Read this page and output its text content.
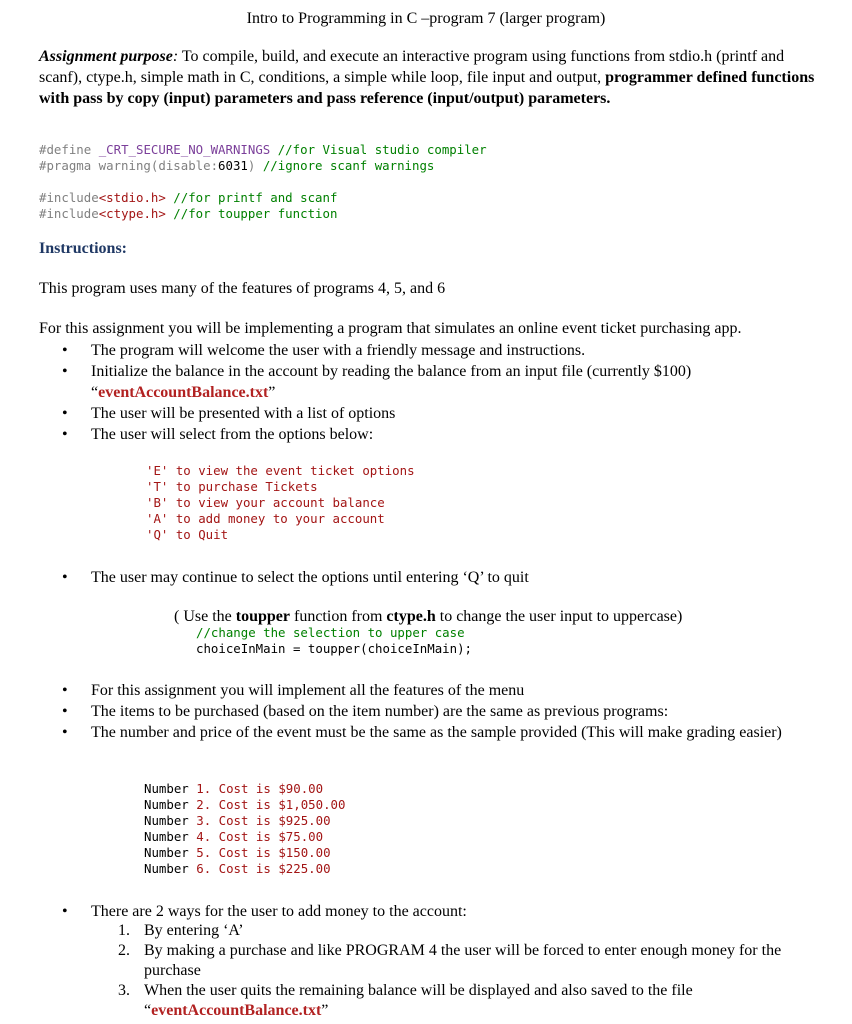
Intro to Programming in C –program 7 (larger program)
Assignment purpose: To compile, build, and execute an interactive program using functions from stdio.h (printf and scanf), ctype.h, simple math in C, conditions, a simple while loop, file input and output, programmer defined functions with pass by copy (input) parameters and pass reference (input/output) parameters.
#define _CRT_SECURE_NO_WARNINGS //for Visual studio compiler
#pragma warning(disable:6031) //ignore scanf warnings
#include<stdio.h> //for printf and scanf
#include<ctype.h> //for toupper function
Instructions:
This program uses many of the features of programs 4, 5, and 6
For this assignment you will be implementing a program that simulates an online event ticket purchasing app.
• The program will welcome the user with a friendly message and instructions.
• Initialize the balance in the account by reading the balance from an input file (currently $100)
“eventAccountBalance.txt”
• The user will be presented with a list of options
• The user will select from the options below:
'E' to view the event ticket options
'T' to purchase Tickets
'B' to view your account balance
'A' to add money to your account
'Q' to Quit
• The user may continue to select the options until entering ‘Q’ to quit
( Use the toupper function from ctype.h to change the user input to uppercase)
//change the selection to upper case
choiceInMain = toupper(choiceInMain);
• For this assignment you will implement all the features of the menu
• The items to be purchased (based on the item number) are the same as previous programs:
• The number and price of the event must be the same as the sample provided (This will make grading easier)
Number 1. Cost is $90.00
Number 2. Cost is $1,050.00
Number 3. Cost is $925.00
Number 4. Cost is $75.00
Number 5. Cost is $150.00
Number 6. Cost is $225.00
• There are 2 ways for the user to add money to the account:
1. By entering ‘A’
2. By making a purchase and like PROGRAM 4 the user will be forced to enter enough money for the purchase
3. When the user quits the remaining balance will be displayed and also saved to the file
“eventAccountBalance.txt”
